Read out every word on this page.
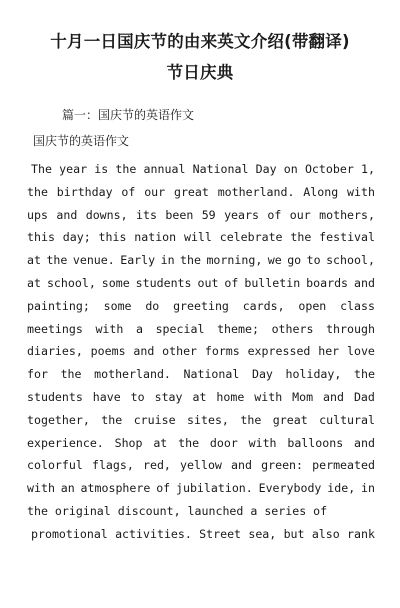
十月一日国庆节的由来英文介绍(带翻译)
节日庆典
篇一：国庆节的英语作文
国庆节的英语作文
The year is the annual National Day on October 1,
the birthday of our great motherland. Along with
ups and downs, its been 59 years of our mothers,
this day; this nation will celebrate the festival
at the venue. Early in the morning, we go to school,
at school, some students out of bulletin boards and
painting; some do greeting cards, open class
meetings with a special theme; others through
diaries, poems and other forms expressed her love
for the motherland. National Day holiday, the
students have to stay at home with Mom and Dad
together, the cruise sites, the great cultural
experience. Shop at the door with balloons and
colorful flags, red, yellow and green: permeated
with an atmosphere of jubilation. Everybody ide, in
the original discount, launched a series of
promotional activities. Street sea, but also rank
